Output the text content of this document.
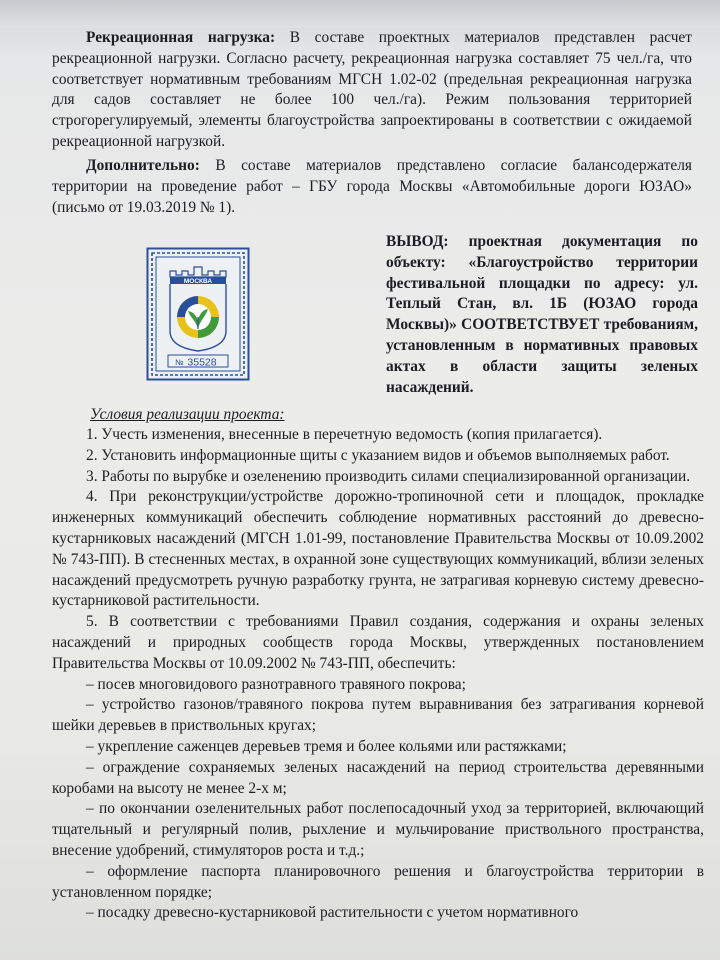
Рекреационная нагрузка: В составе проектных материалов представлен расчет рекреационной нагрузки. Согласно расчету, рекреационная нагрузка составляет 75 чел./га, что соответствует нормативным требованиям МГСН 1.02-02 (предельная рекреационная нагрузка для садов составляет не более 100 чел./га). Режим пользования территорией строгорегулируемый, элементы благоустройства запроектированы в соответствии с ожидаемой рекреационной нагрузкой.

Дополнительно: В составе материалов представлено согласие балансодержателя территории на проведение работ – ГБУ города Москвы «Автомобильные дороги ЮЗАО» (письмо от 19.03.2019 № 1).

МОСКВА
№ 35528

ВЫВОД: проектная документация по объекту: «Благоустройство территории фестивальной площадки по адресу: ул. Теплый Стан, вл. 1Б (ЮЗАО города Москвы)» СООТВЕТСТВУЕТ требованиям, установленным в нормативных правовых актах в области защиты зеленых насаждений.

Условия реализации проекта:

1. Учесть изменения, внесенные в перечетную ведомость (копия прилагается).

2. Установить информационные щиты с указанием видов и объемов выполняемых работ.

3. Работы по вырубке и озеленению производить силами специализированной организации.

4. При реконструкции/устройстве дорожно-тропиночной сети и площадок, прокладке инженерных коммуникаций обеспечить соблюдение нормативных расстояний до древесно-кустарниковых насаждений (МГСН 1.01-99, постановление Правительства Москвы от 10.09.2002 № 743-ПП). В стесненных местах, в охранной зоне существующих коммуникаций, вблизи зеленых насаждений предусмотреть ручную разработку грунта, не затрагивая корневую систему древесно-кустарниковой растительности.

5. В соответствии с требованиями Правил создания, содержания и охраны зеленых насаждений и природных сообществ города Москвы, утвержденных постановлением Правительства Москвы от 10.09.2002 № 743-ПП, обеспечить:

– посев многовидового разнотравного травяного покрова;

– устройство газонов/травяного покрова путем выравнивания без затрагивания корневой шейки деревьев в приствольных кругах;

– укрепление саженцев деревьев тремя и более кольями или растяжками;

– ограждение сохраняемых зеленых насаждений на период строительства деревянными коробами на высоту не менее 2-х м;

– по окончании озеленительных работ послепосадочный уход за территорией, включающий тщательный и регулярный полив, рыхление и мульчирование приствольного пространства, внесение удобрений, стимуляторов роста и т.д.;

– оформление паспорта планировочного решения и благоустройства территории в установленном порядке;

– посадку древесно-кустарниковой растительности с учетом нормативного
